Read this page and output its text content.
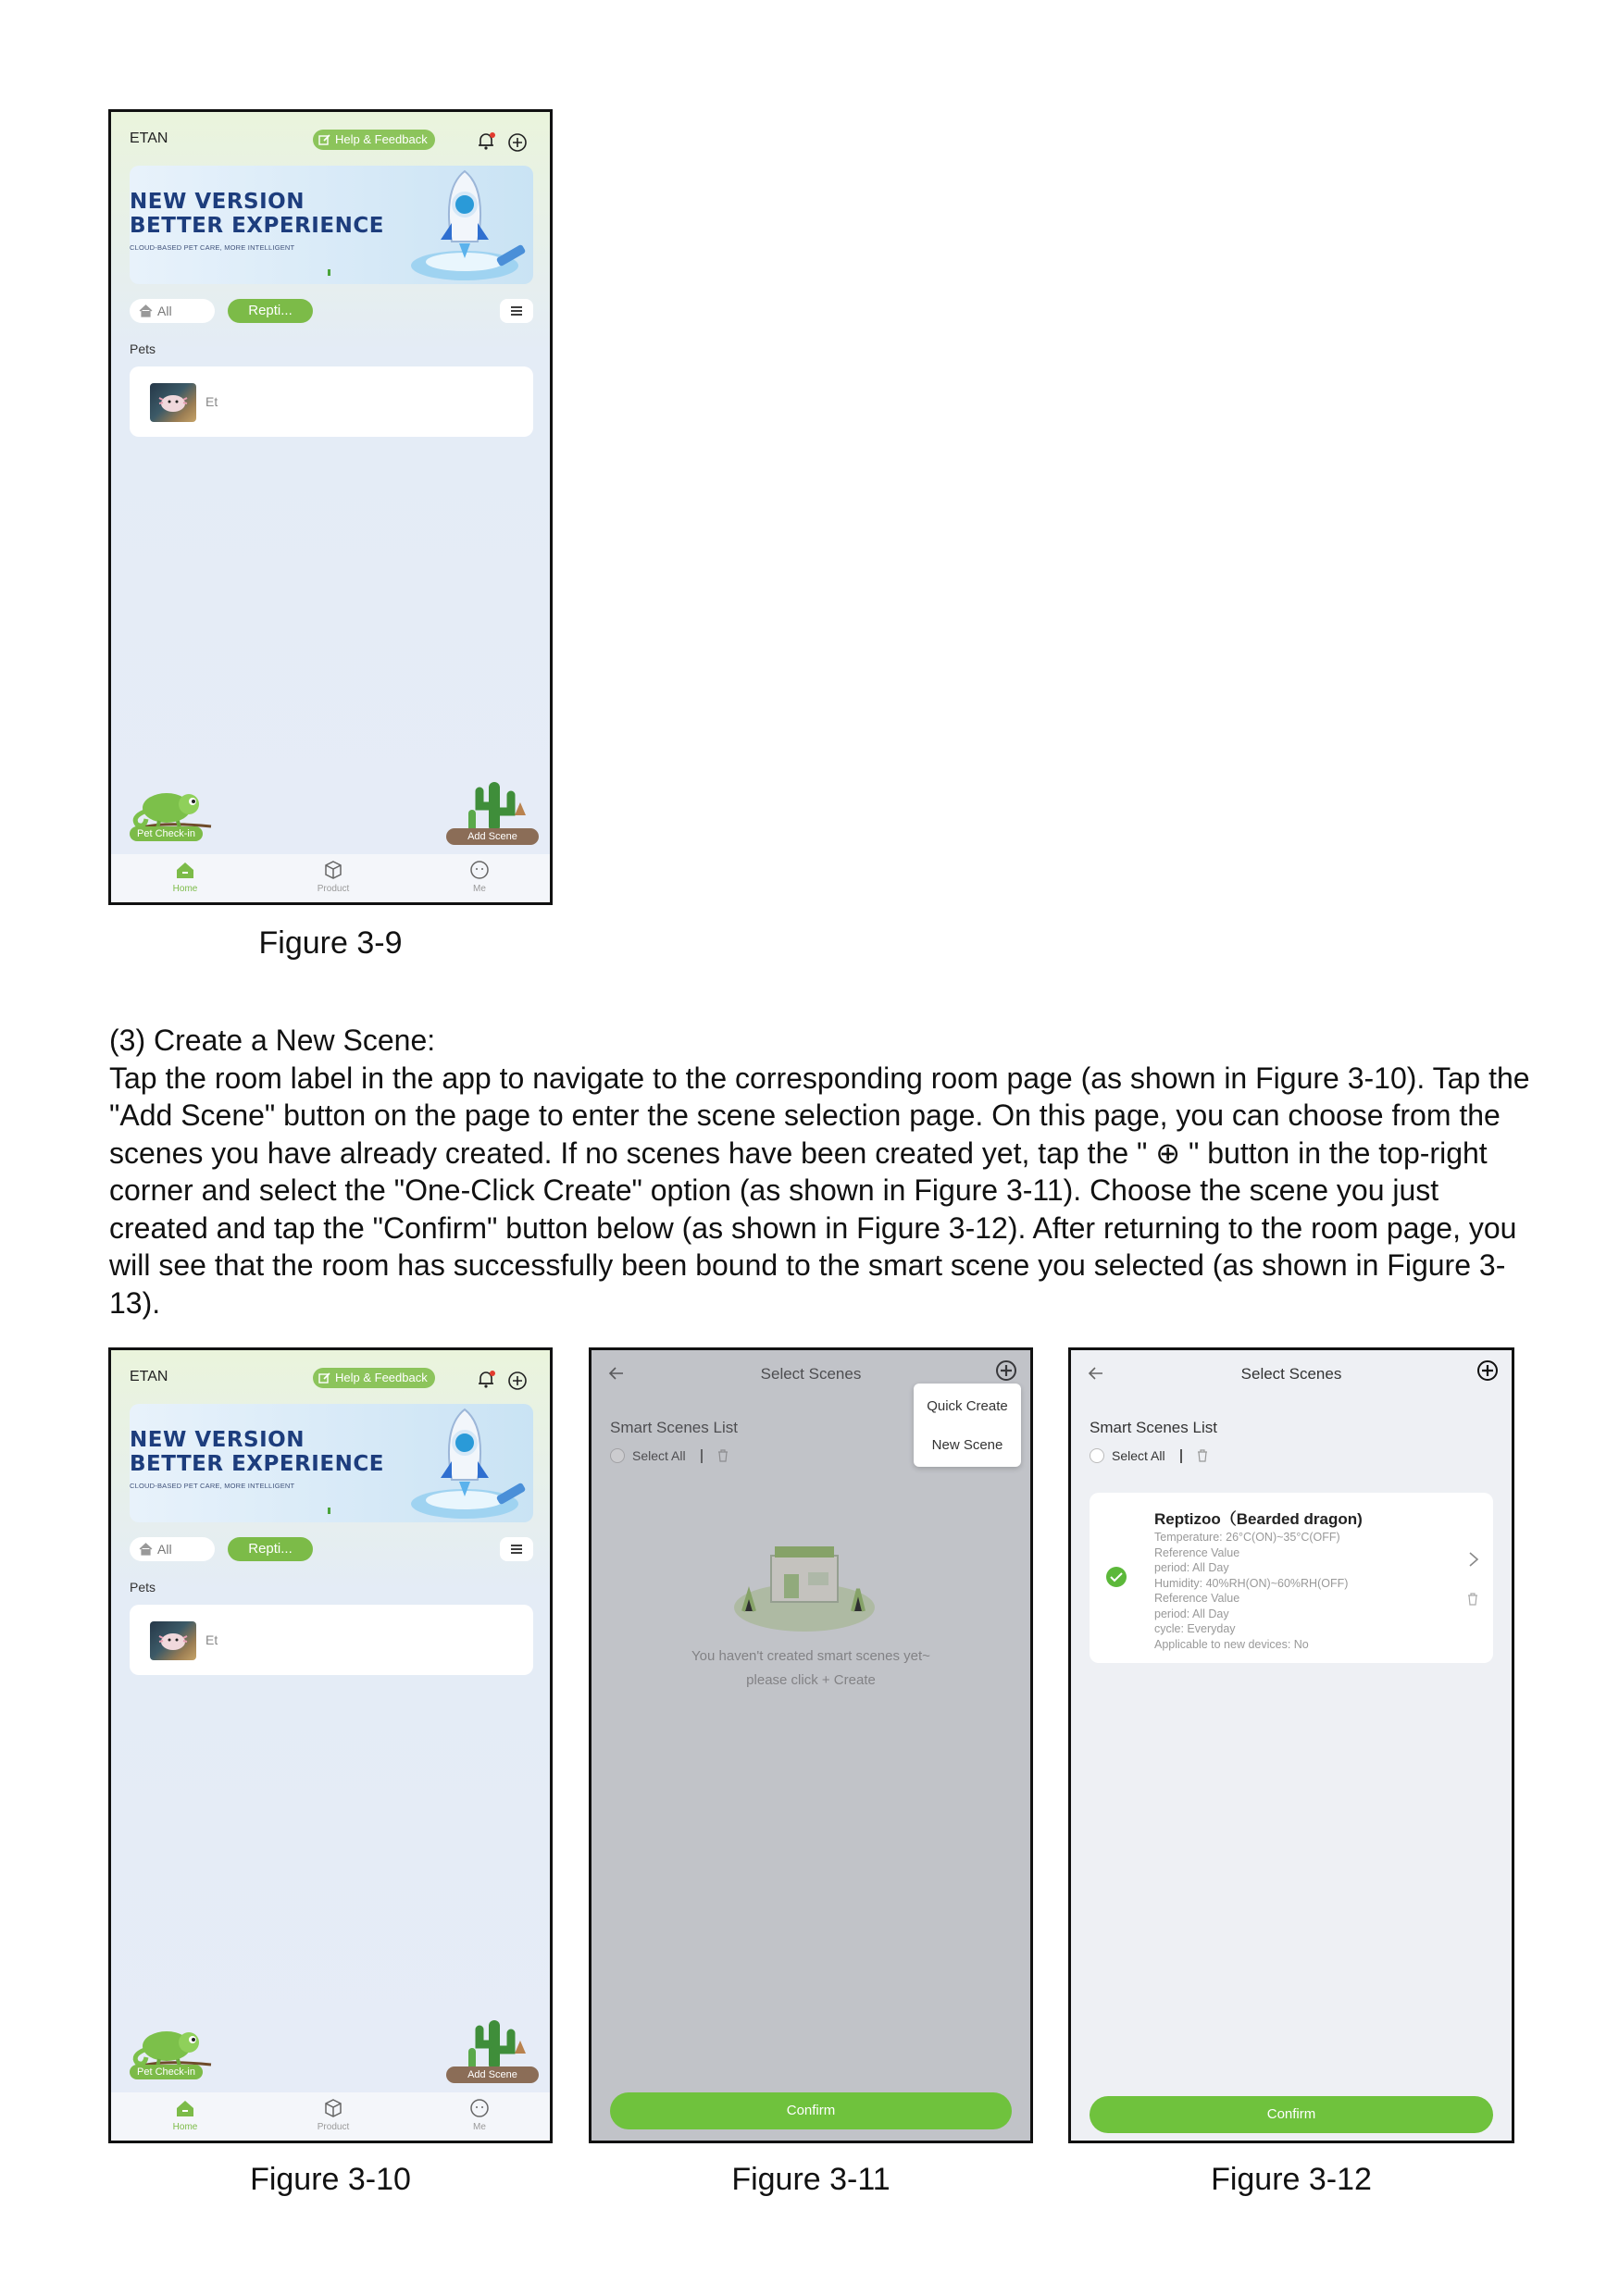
ETAN	Help & Feedback
NEW VERSION
BETTER EXPERIENCE
CLOUD-BASED PET CARE, MORE INTELLIGENT
All	Repti...
Pets
Et
Pet Check-in	Add Scene
Home	Product	Me
Figure 3-9

(3) Create a New Scene:

Tap the room label in the app to navigate to the corresponding room page (as shown in Figure 3-10). Tap the "Add Scene" button on the page to enter the scene selection page. On this page, you can choose from the scenes you have already created. If no scenes have been created yet, tap the " ⊕ " button in the top-right corner and select the "One-Click Create" option (as shown in Figure 3-11). Choose the scene you just created and tap the "Confirm" button below (as shown in Figure 3-12). After returning to the room page, you will see that the room has successfully been bound to the smart scene you selected (as shown in Figure 3-13).

ETAN	Help & Feedback
NEW VERSION
BETTER EXPERIENCE
CLOUD-BASED PET CARE, MORE INTELLIGENT
All	Repti...
Pets
Et
Pet Check-in	Add Scene
Home	Product	Me
Figure 3-10
Select Scenes
Smart Scenes List
Select All
You haven't created smart scenes yet~
please click + Create
Quick Create
New Scene
Confirm
Figure 3-11
Select Scenes
Smart Scenes List
Select All
Reptizoo（Bearded dragon)
Temperature: 26°C(ON)~35°C(OFF)
Reference Value
period: All Day
Humidity: 40%RH(ON)~60%RH(OFF)
Reference Value
period: All Day
cycle: Everyday
Applicable to new devices: No
Confirm
Figure 3-12
